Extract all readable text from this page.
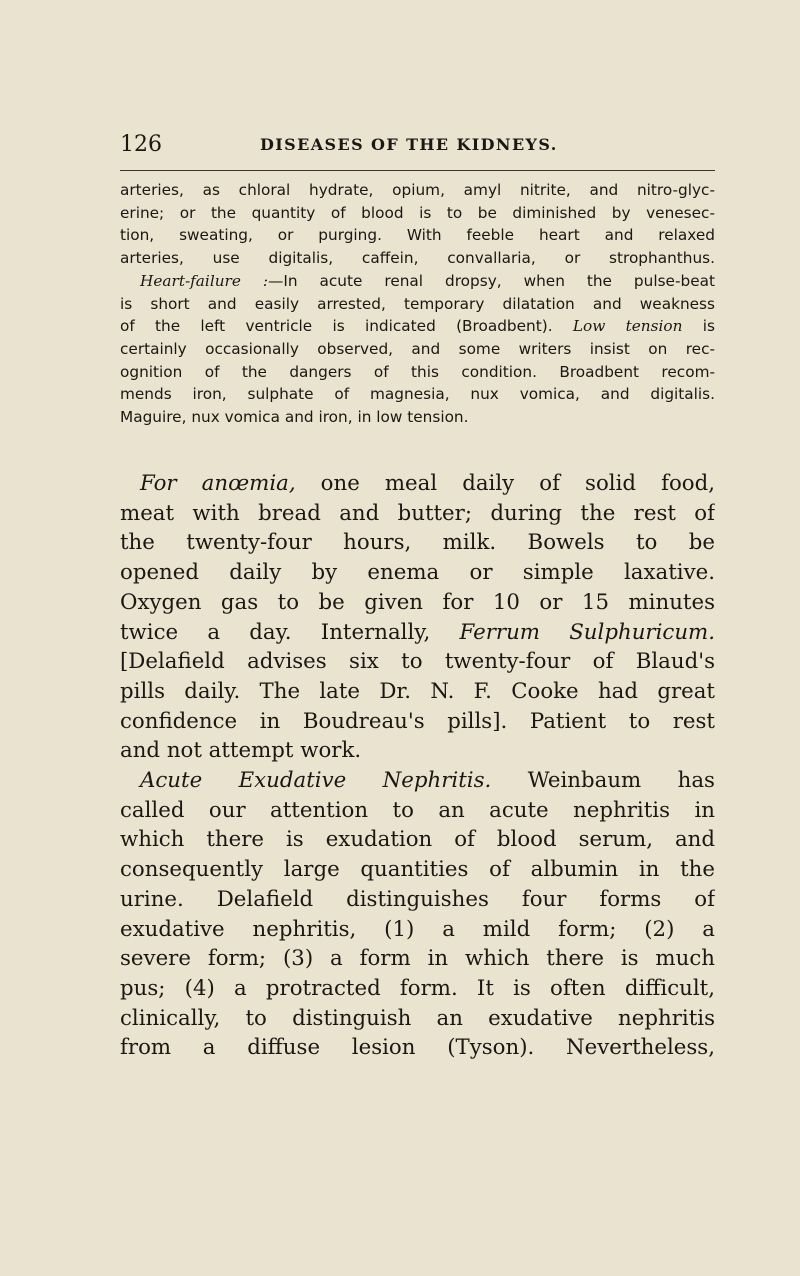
126	DISEASES OF THE KIDNEYS.
arteries, as chloral hydrate, opium, amyl nitrite, and nitro-glyc-
erine; or the quantity of blood is to be diminished by venesec-
tion, sweating, or purging. With feeble heart and relaxed
arteries, use digitalis, caffein, convallaria, or strophanthus.
Heart-failure :—In acute renal dropsy, when the pulse-beat
is short and easily arrested, temporary dilatation and weakness
of the left ventricle is indicated (Broadbent). Low tension is
certainly occasionally observed, and some writers insist on rec-
ognition of the dangers of this condition. Broadbent recom-
mends iron, sulphate of magnesia, nux vomica, and digitalis.
Maguire, nux vomica and iron, in low tension.
For anœmia, one meal daily of solid food,
meat with bread and butter; during the rest of
the twenty-four hours, milk. Bowels to be
opened daily by enema or simple laxative.
Oxygen gas to be given for 10 or 15 minutes
twice a day. Internally, Ferrum Sulphuricum.
[Delafield advises six to twenty-four of Blaud's
pills daily. The late Dr. N. F. Cooke had great
confidence in Boudreau's pills]. Patient to rest
and not attempt work.
Acute Exudative Nephritis. Weinbaum has
called our attention to an acute nephritis in
which there is exudation of blood serum, and
consequently large quantities of albumin in the
urine. Delafield distinguishes four forms of
exudative nephritis, (1) a mild form; (2) a
severe form; (3) a form in which there is much
pus; (4) a protracted form. It is often difficult,
clinically, to distinguish an exudative nephritis
from a diffuse lesion (Tyson). Nevertheless,
